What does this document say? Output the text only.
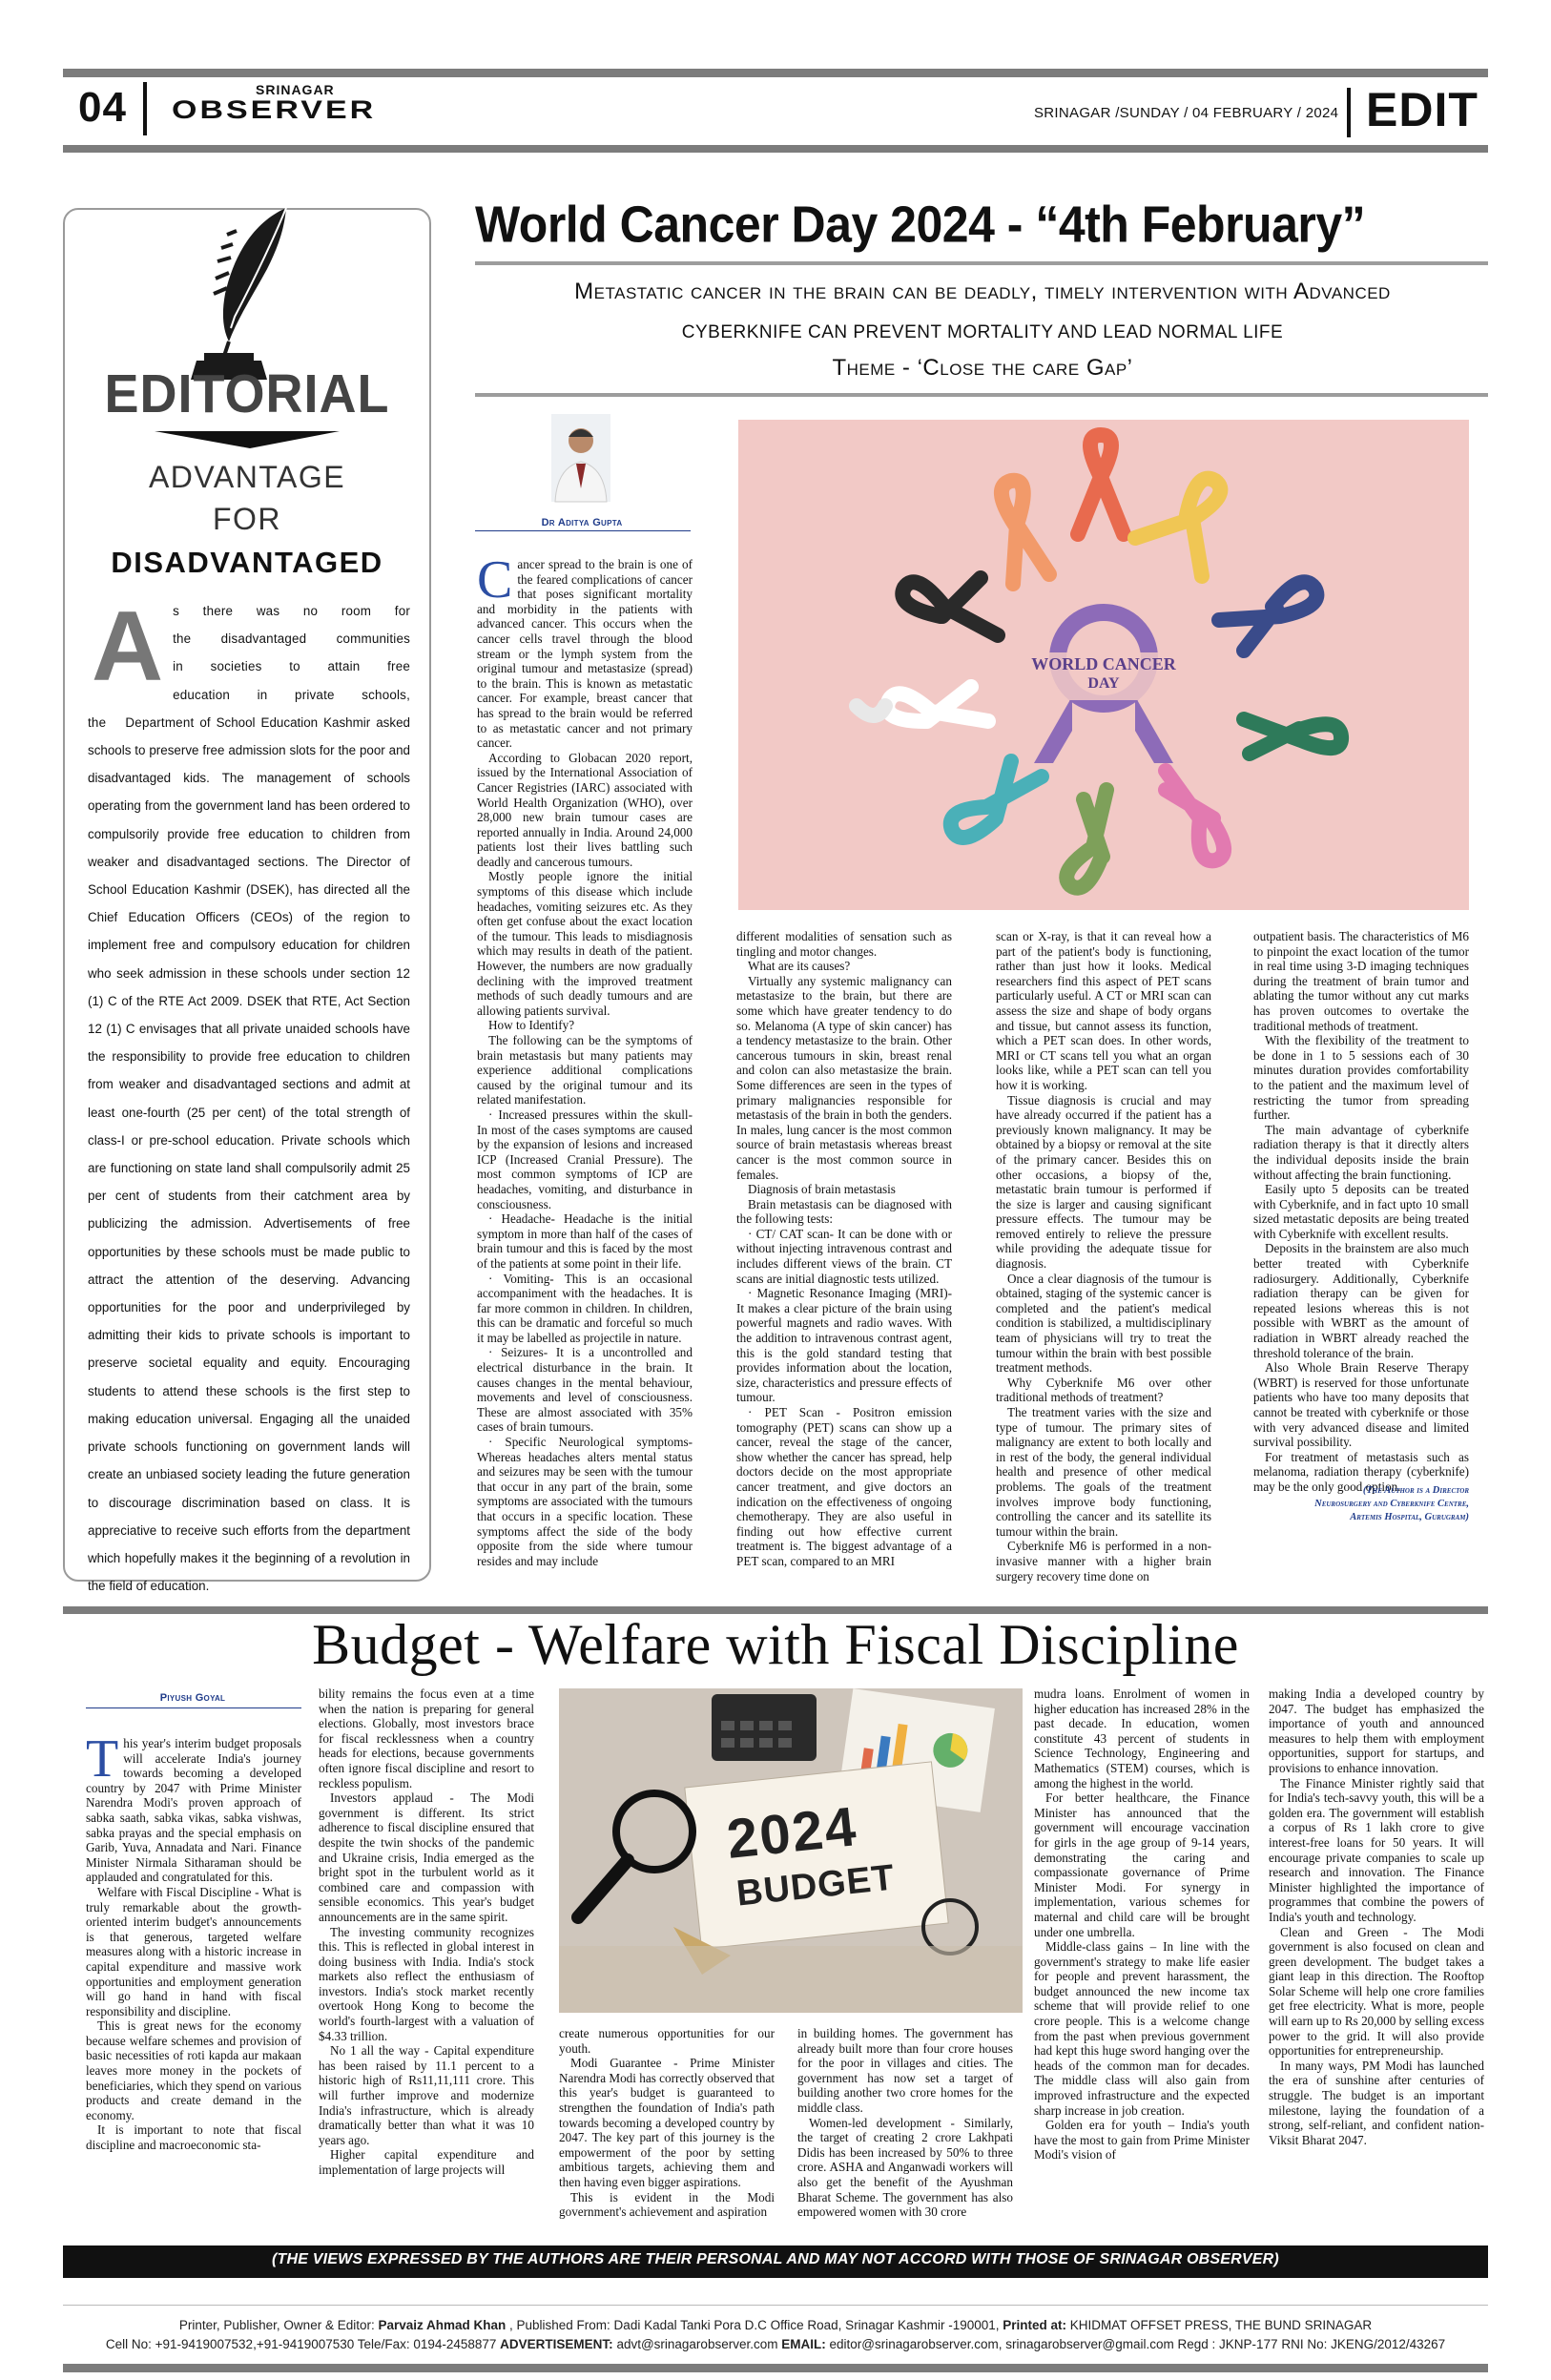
04	SRINAGAR
OBSERVER	SRINAGAR /SUNDAY / 04 FEBRUARY / 2024 EDIT
EDITORIAL
ADVANTAGE
FOR
DISADVANTAGED
A s there was no room for the disadvantaged communities in societies to attain free education in private schools, the Department of School Education Kashmir asked schools to preserve free admission slots for the poor and disadvantaged kids. The management of schools operating from the government land has been ordered to compulsorily provide free education to children from weaker and disadvantaged sections. The Director of School Education Kashmir (DSEK), has directed all the Chief Education Officers (CEOs) of the region to implement free and compulsory education for children who seek admission in these schools under section 12 (1) C of the RTE Act 2009. DSEK that RTE, Act Section 12 (1) C envisages that all private unaided schools have the responsibility to provide free education to children from weaker and disadvantaged sections and admit at least one-fourth (25 per cent) of the total strength of class-I or pre-school education. Private schools which are functioning on state land shall compulsorily admit 25 per cent of students from their catchment area by publicizing the admission. Advertisements of free opportunities by these schools must be made public to attract the attention of the deserving. Advancing opportunities for the poor and underprivileged by admitting their kids to private schools is important to preserve societal equality and equity. Encouraging students to attend these schools is the first step to making education universal. Engaging all the unaided private schools functioning on government lands will create an unbiased society leading the future generation to discourage discrimination based on class. It is appreciative to receive such efforts from the department which hopefully makes it the beginning of a revolution in the field of education.
World Cancer Day 2024 - “4th February”
Metastatic cancer in the brain can be deadly, timely intervention with Advanced
CYBERKNIFE CAN PREVENT MORTALITY AND LEAD NORMAL LIFE
Theme - ‘Close the care Gap’
Dr Aditya Gupta
WORLD CANCER
DAY
C ancer spread to the brain is one of the feared complications of cancer that poses significant mortality and morbidity in the patients with advanced cancer. This occurs when the cancer cells travel through the blood stream or the lymph system from the original tumour and metastasize (spread) to the brain. This is known as metastatic cancer. For example, breast cancer that has spread to the brain would be referred to as metastatic cancer and not primary cancer.

According to Globacan 2020 report, issued by the International Association of Cancer Registries (IARC) associated with World Health Organization (WHO), over 28,000 new brain tumour cases are reported annually in India. Around 24,000 patients lost their lives battling such deadly and cancerous tumours.

Mostly people ignore the initial symptoms of this disease which include headaches, vomiting seizures etc. As they often get confuse about the exact location of the tumour. This leads to misdiagnosis which may results in death of the patient. However, the numbers are now gradually declining with the improved treatment methods of such deadly tumours and are allowing patients survival.

How to Identify?

The following can be the symptoms of brain metastasis but many patients may experience additional complications caused by the original tumour and its related manifestation.

· Increased pressures within the skull- In most of the cases symptoms are caused by the expansion of lesions and increased ICP (Increased Cranial Pressure). The most common symptoms of ICP are headaches, vomiting, and disturbance in consciousness.

· Headache- Headache is the initial symptom in more than half of the cases of brain tumour and this is faced by the most of the patients at some point in their life.

· Vomiting- This is an occasional accompaniment with the headaches. It is far more common in children. In children, this can be dramatic and forceful so much it may be labelled as projectile in nature.

· Seizures- It is a uncontrolled and electrical disturbance in the brain. It causes changes in the mental behaviour, movements and level of consciousness. These are almost associated with 35% cases of brain tumours.

· Specific Neurological symptoms- Whereas headaches alters mental status and seizures may be seen with the tumour that occur in any part of the brain, some symptoms are associated with the tumours that occurs in a specific location. These symptoms affect the side of the body opposite from the side where tumour resides and may include

different modalities of sensation such as tingling and motor changes.

What are its causes?

Virtually any systemic malignancy can metastasize to the brain, but there are some which have greater tendency to do so. Melanoma (A type of skin cancer) has a tendency metastasize to the brain. Other cancerous tumours in skin, breast renal and colon can also metastasize the brain. Some differences are seen in the types of primary malignancies responsible for metastasis of the brain in both the genders. In males, lung cancer is the most common source of brain metastasis whereas breast cancer is the most common source in females.

Diagnosis of brain metastasis

Brain metastasis can be diagnosed with the following tests:

· CT/ CAT scan- It can be done with or without injecting intravenous contrast and includes different views of the brain. CT scans are initial diagnostic tests utilized.

· Magnetic Resonance Imaging (MRI)- It makes a clear picture of the brain using powerful magnets and radio waves. With the addition to intravenous contrast agent, this is the gold standard testing that provides information about the location, size, characteristics and pressure effects of tumour.

· PET Scan - Positron emission tomography (PET) scans can show up a cancer, reveal the stage of the cancer, show whether the cancer has spread, help doctors decide on the most appropriate cancer treatment, and give doctors an indication on the effectiveness of ongoing chemotherapy. They are also useful in finding out how effective current treatment is. The biggest advantage of a PET scan, compared to an MRI

scan or X-ray, is that it can reveal how a part of the patient's body is functioning, rather than just how it looks. Medical researchers find this aspect of PET scans particularly useful. A CT or MRI scan can assess the size and shape of body organs and tissue, but cannot assess its function, which a PET scan does. In other words, MRI or CT scans tell you what an organ looks like, while a PET scan can tell you how it is working.

Tissue diagnosis is crucial and may have already occurred if the patient has a previously known malignancy. It may be obtained by a biopsy or removal at the site of the primary cancer. Besides this on other occasions, a biopsy of the, metastatic brain tumour is performed if the size is larger and causing significant pressure effects. The tumour may be removed entirely to relieve the pressure while providing the adequate tissue for diagnosis.

Once a clear diagnosis of the tumour is obtained, staging of the systemic cancer is completed and the patient's medical condition is stabilized, a multidisciplinary team of physicians will try to treat the tumour within the brain with best possible treatment methods.

Why Cyberknife M6 over other traditional methods of treatment?

The treatment varies with the size and type of tumour. The primary sites of malignancy are extent to both locally and in rest of the body, the general individual health and presence of other medical problems. The goals of the treatment involves improve body functioning, controlling the cancer and its satellite its tumour within the brain.

Cyberknife M6 is performed in a non-invasive manner with a higher brain surgery recovery time done on

outpatient basis. The characteristics of M6 to pinpoint the exact location of the tumor in real time using 3-D imaging techniques during the treatment of brain tumor and ablating the tumor without any cut marks has proven outcomes to overtake the traditional methods of treatment.

With the flexibility of the treatment to be done in 1 to 5 sessions each of 30 minutes duration provides comfortability to the patient and the maximum level of restricting the tumor from spreading further.

The main advantage of cyberknife radiation therapy is that it directly alters the individual deposits inside the brain without affecting the brain functioning.

Easily upto 5 deposits can be treated with Cyberknife, and in fact upto 10 small sized metastatic deposits are being treated with Cyberknife with excellent results.

Deposits in the brainstem are also much better treated with Cyberknife radiosurgery. Additionally, Cyberknife radiation therapy can be given for repeated lesions whereas this is not possible with WBRT as the amount of radiation in WBRT already reached the threshold tolerance of the brain.

Also Whole Brain Reserve Therapy (WBRT) is reserved for those unfortunate patients who have too many deposits that cannot be treated with cyberknife or those with very advanced disease and limited survival possibility.

For treatment of metastasis such as melanoma, radiation therapy (cyberknife) may be the only good option.

(The Author is a Director
Neurosurgery and Cyberknife Centre,
Artemis Hospital, Gurugram)
Budget - Welfare with Fiscal Discipline
Piyush Goyal
T his year's interim budget proposals will accelerate India's journey towards becoming a developed country by 2047 with Prime Minister Narendra Modi's proven approach of sabka saath, sabka vikas, sabka vishwas, sabka prayas and the special emphasis on Garib, Yuva, Annadata and Nari. Finance Minister Nirmala Sitharaman should be applauded and congratulated for this.

Welfare with Fiscal Discipline - What is truly remarkable about the growth-oriented interim budget's announcements is that generous, targeted welfare measures along with a historic increase in capital expenditure and massive work opportunities and employment generation will go hand in hand with fiscal responsibility and discipline.

This is great news for the economy because welfare schemes and provision of basic necessities of roti kapda aur makaan leaves more money in the pockets of beneficiaries, which they spend on various products and create demand in the economy.

It is important to note that fiscal discipline and macroeconomic sta-

bility remains the focus even at a time when the nation is preparing for general elections. Globally, most investors brace for fiscal recklessness when a country heads for elections, because governments often ignore fiscal discipline and resort to reckless populism.

Investors applaud - The Modi government is different. Its strict adherence to fiscal discipline ensured that despite the twin shocks of the pandemic and Ukraine crisis, India emerged as the bright spot in the turbulent world as it combined care and compassion with sensible economics. This year's budget announcements are in the same spirit.

The investing community recognizes this. This is reflected in global interest in doing business with India. India's stock markets also reflect the enthusiasm of investors. India's stock market recently overtook Hong Kong to become the world's fourth-largest with a valuation of $4.33 trillion.

No 1 all the way - Capital expenditure has been raised by 11.1 percent to a historic high of Rs11,11,111 crore. This will further improve and modernize India's infrastructure, which is already dramatically better than what it was 10 years ago.

Higher capital expenditure and implementation of large projects will

2024
BUDGET

create numerous opportunities for our youth.

Modi Guarantee - Prime Minister Narendra Modi has correctly observed that this year's budget is guaranteed to strengthen the foundation of India's path towards becoming a developed country by 2047. The key part of this journey is the empowerment of the poor by setting ambitious targets, achieving them and then having even bigger aspirations.

This is evident in the Modi government's achievement and aspiration

in building homes. The government has already built more than four crore houses for the poor in villages and cities. The government has now set a target of building another two crore homes for the middle class.

Women-led development - Similarly, the target of creating 2 crore Lakhpati Didis has been increased by 50% to three crore. ASHA and Anganwadi workers will also get the benefit of the Ayushman Bharat Scheme. The government has also empowered women with 30 crore

mudra loans. Enrolment of women in higher education has increased 28% in the past decade. In education, women constitute 43 percent of students in Science Technology, Engineering and Mathematics (STEM) courses, which is among the highest in the world.

For better healthcare, the Finance Minister has announced that the government will encourage vaccination for girls in the age group of 9-14 years, demonstrating the caring and compassionate governance of Prime Minister Modi. For synergy in implementation, various schemes for maternal and child care will be brought under one umbrella.

Middle-class gains – In line with the government's strategy to make life easier for people and prevent harassment, the budget announced the new income tax scheme that will provide relief to one crore people. This is a welcome change from the past when previous government had kept this huge sword hanging over the heads of the common man for decades. The middle class will also gain from improved infrastructure and the expected sharp increase in job creation.

Golden era for youth – India's youth have the most to gain from Prime Minister Modi's vision of

making India a developed country by 2047. The budget has emphasized the importance of youth and announced measures to help them with employment opportunities, support for startups, and provisions to enhance innovation.

The Finance Minister rightly said that for India's tech-savvy youth, this will be a golden era. The government will establish a corpus of Rs 1 lakh crore to give interest-free loans for 50 years. It will encourage private companies to scale up research and innovation. The Finance Minister highlighted the importance of programmes that combine the powers of India's youth and technology.

Clean and Green - The Modi government is also focused on clean and green development. The budget takes a giant leap in this direction. The Rooftop Solar Scheme will help one crore families get free electricity. What is more, people will earn up to Rs 20,000 by selling excess power to the grid. It will also provide opportunities for entrepreneurship.

In many ways, PM Modi has launched the era of sunshine after centuries of struggle. The budget is an important milestone, laying the foundation of a strong, self-reliant, and confident nation- Viksit Bharat 2047.

(THE VIEWS EXPRESSED BY THE AUTHORS ARE THEIR PERSONAL AND MAY NOT ACCORD WITH THOSE OF SRINAGAR OBSERVER)
Printer, Publisher, Owner & Editor: Parvaiz Ahmad Khan , Published From: Dadi Kadal Tanki Pora D.C Office Road, Srinagar Kashmir -190001, Printed at: KHIDMAT OFFSET PRESS, THE BUND SRINAGAR
Cell No: +91-9419007532,+91-9419007530 Tele/Fax: 0194-2458877 ADVERTISEMENT: advt@srinagarobserver.com EMAIL: editor@srinagarobserver.com, srinagarobserver@gmail.com Regd : JKNP-177 RNI No: JKENG/2012/43267
